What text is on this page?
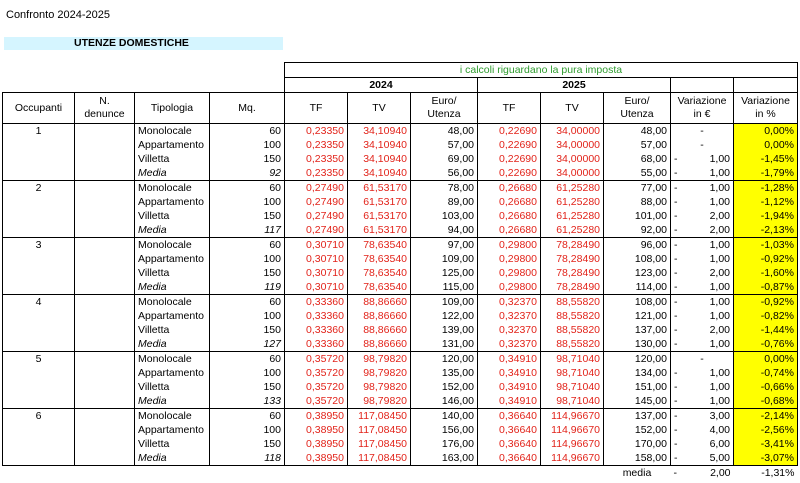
Confronto 2024-2025
UTENZE DOMESTICHE
				i calcoli riguardano la pura imposta							
				2024			2025				
Occupanti	N. denunce	Tipologia	Mq.	TF	TV	Euro/ Utenza	TF	TV	Euro/ Utenza	Variazione in €	Variazione in %
1		Monolocale	60	0,23350	34,10940	48,00	0,22690	34,00000	48,00	-	0,00%
		Appartamento	100	0,23350	34,10940	57,00	0,22690	34,00000	57,00	-	0,00%
		Villetta	150	0,23350	34,10940	69,00	0,22690	34,00000	68,00	- 1,00	-1,45%
		Media	92	0,23350	34,10940	56,00	0,22690	34,00000	55,00	- 1,00	-1,79%
2		Monolocale	60	0,27490	61,53170	78,00	0,26680	61,25280	77,00	- 1,00	-1,28%
		Appartamento	100	0,27490	61,53170	89,00	0,26680	61,25280	88,00	- 1,00	-1,12%
		Villetta	150	0,27490	61,53170	103,00	0,26680	61,25280	101,00	- 2,00	-1,94%
		Media	117	0,27490	61,53170	94,00	0,26680	61,25280	92,00	- 2,00	-2,13%
3		Monolocale	60	0,30710	78,63540	97,00	0,29800	78,28490	96,00	- 1,00	-1,03%
		Appartamento	100	0,30710	78,63540	109,00	0,29800	78,28490	108,00	- 1,00	-0,92%
		Villetta	150	0,30710	78,63540	125,00	0,29800	78,28490	123,00	- 2,00	-1,60%
		Media	119	0,30710	78,63540	115,00	0,29800	78,28490	114,00	- 1,00	-0,87%
4		Monolocale	60	0,33360	88,86660	109,00	0,32370	88,55820	108,00	- 1,00	-0,92%
		Appartamento	100	0,33360	88,86660	122,00	0,32370	88,55820	121,00	- 1,00	-0,82%
		Villetta	150	0,33360	88,86660	139,00	0,32370	88,55820	137,00	- 2,00	-1,44%
		Media	127	0,33360	88,86660	131,00	0,32370	88,55820	130,00	- 1,00	-0,76%
5		Monolocale	60	0,35720	98,79820	120,00	0,34910	98,71040	120,00	-	0,00%
		Appartamento	100	0,35720	98,79820	135,00	0,34910	98,71040	134,00	- 1,00	-0,74%
		Villetta	150	0,35720	98,79820	152,00	0,34910	98,71040	151,00	- 1,00	-0,66%
		Media	133	0,35720	98,79820	146,00	0,34910	98,71040	145,00	- 1,00	-0,68%
6		Monolocale	60	0,38950	117,08450	140,00	0,36640	114,96670	137,00	- 3,00	-2,14%
		Appartamento	100	0,38950	117,08450	156,00	0,36640	114,96670	152,00	- 4,00	-2,56%
		Villetta	150	0,38950	117,08450	176,00	0,36640	114,96670	170,00	- 6,00	-3,41%
		Media	118	0,38950	117,08450	163,00	0,36640	114,96670	158,00	- 5,00	-3,07%
									media	- 2,00	-1,31%
